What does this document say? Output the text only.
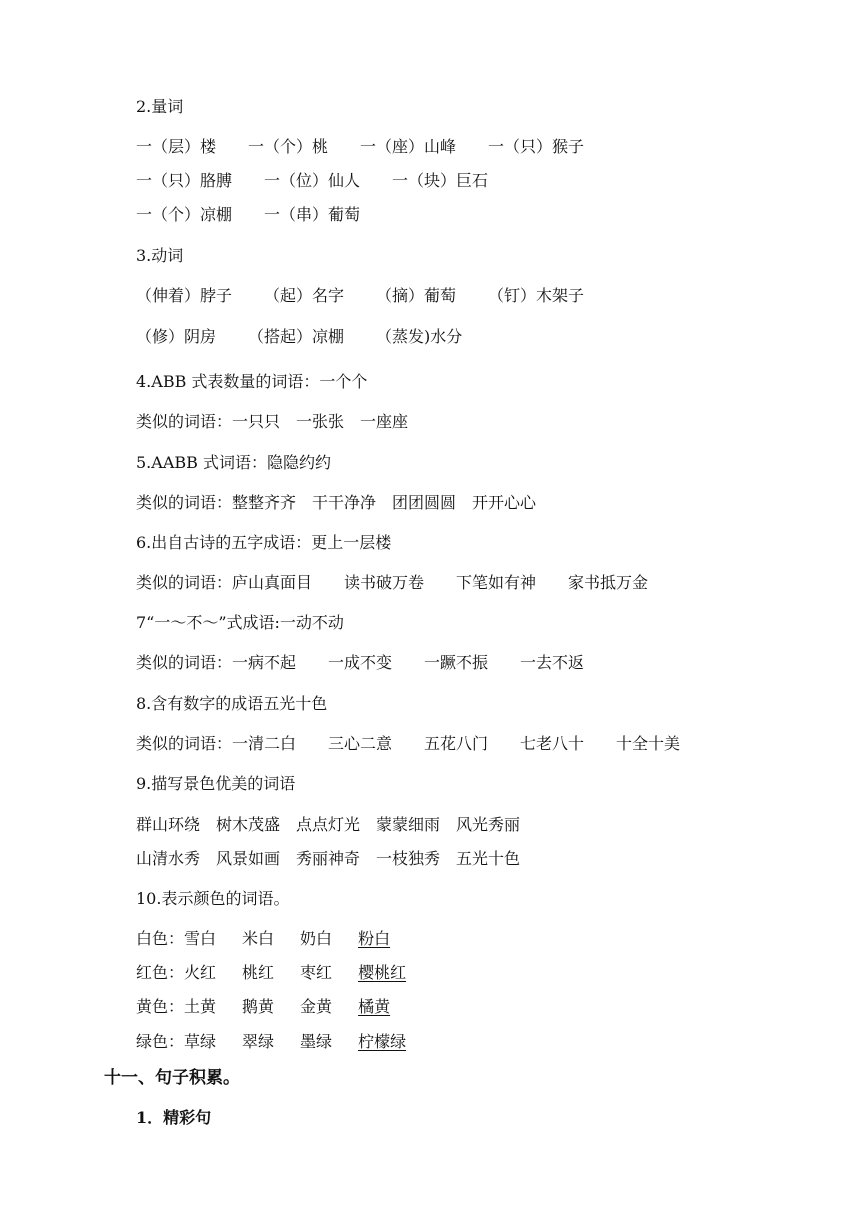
2.量词
一（层）楼 一（个）桃 一（座）山峰 一（只）猴子
一（只）胳膊 一（位）仙人 一（块）巨石
一（个）凉棚 一（串）葡萄
3.动词
（伸着）脖子 （起）名字 （摘）葡萄 （钉）木架子
（修）阴房 （搭起）凉棚 （蒸发)水分
4.ABB 式表数量的词语：一个个
类似的词语：一只只　一张张　一座座
5.AABB 式词语：隐隐约约
类似的词语：整整齐齐　干干净净　团团圆圆　开开心心
6.出自古诗的五字成语：更上一层楼
类似的词语：庐山真面目　　读书破万卷　　下笔如有神　　家书抵万金
7“一～不～”式成语:一动不动
类似的词语：一病不起　　一成不变　　一蹶不振　　一去不返
8.含有数字的成语五光十色
类似的词语：一清二白　　三心二意　　五花八门　　七老八十　　十全十美
9.描写景色优美的词语
群山环绕　树木茂盛　点点灯光　蒙蒙细雨　风光秀丽
山清水秀　风景如画　秀丽神奇　一枝独秀　五光十色
10.表示颜色的词语。
白色：雪白 米白 奶白 粉白
红色：火红 桃红 枣红 樱桃红
黄色：土黄 鹅黄 金黄 橘黄
绿色：草绿 翠绿 墨绿 柠檬绿
十一、句子积累。
1．精彩句
